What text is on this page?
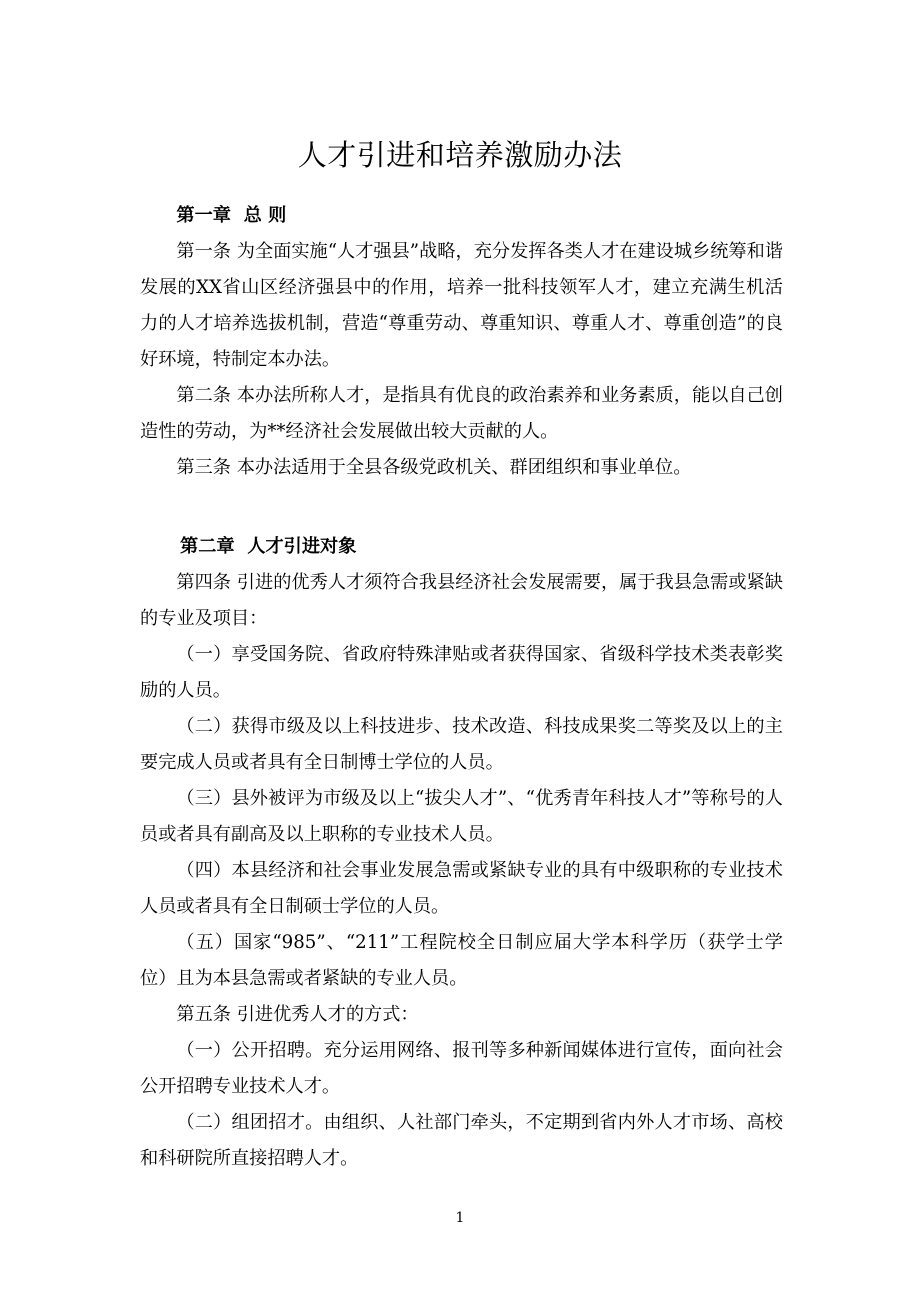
人才引进和培养激励办法

第一章  总 则

第一条 为全面实施“人才强县”战略，充分发挥各类人才在建设城乡统筹和谐发展的XX省山区经济强县中的作用，培养一批科技领军人才，建立充满生机活力的人才培养选拔机制，营造“尊重劳动、尊重知识、尊重人才、尊重创造”的良好环境，特制定本办法。

第二条 本办法所称人才，是指具有优良的政治素养和业务素质，能以自己创造性的劳动，为**经济社会发展做出较大贡献的人。

第三条 本办法适用于全县各级党政机关、群团组织和事业单位。

第二章  人才引进对象

第四条 引进的优秀人才须符合我县经济社会发展需要，属于我县急需或紧缺的专业及项目：

（一）享受国务院、省政府特殊津贴或者获得国家、省级科学技术类表彰奖励的人员。

（二）获得市级及以上科技进步、技术改造、科技成果奖二等奖及以上的主要完成人员或者具有全日制博士学位的人员。

（三）县外被评为市级及以上“拔尖人才”、“优秀青年科技人才”等称号的人员或者具有副高及以上职称的专业技术人员。

（四）本县经济和社会事业发展急需或紧缺专业的具有中级职称的专业技术人员或者具有全日制硕士学位的人员。

（五）国家“985”、“211”工程院校全日制应届大学本科学历（获学士学位）且为本县急需或者紧缺的专业人员。

第五条 引进优秀人才的方式：

（一）公开招聘。充分运用网络、报刊等多种新闻媒体进行宣传，面向社会公开招聘专业技术人才。

（二）组团招才。由组织、人社部门牵头，不定期到省内外人才市场、高校和科研院所直接招聘人才。

1
